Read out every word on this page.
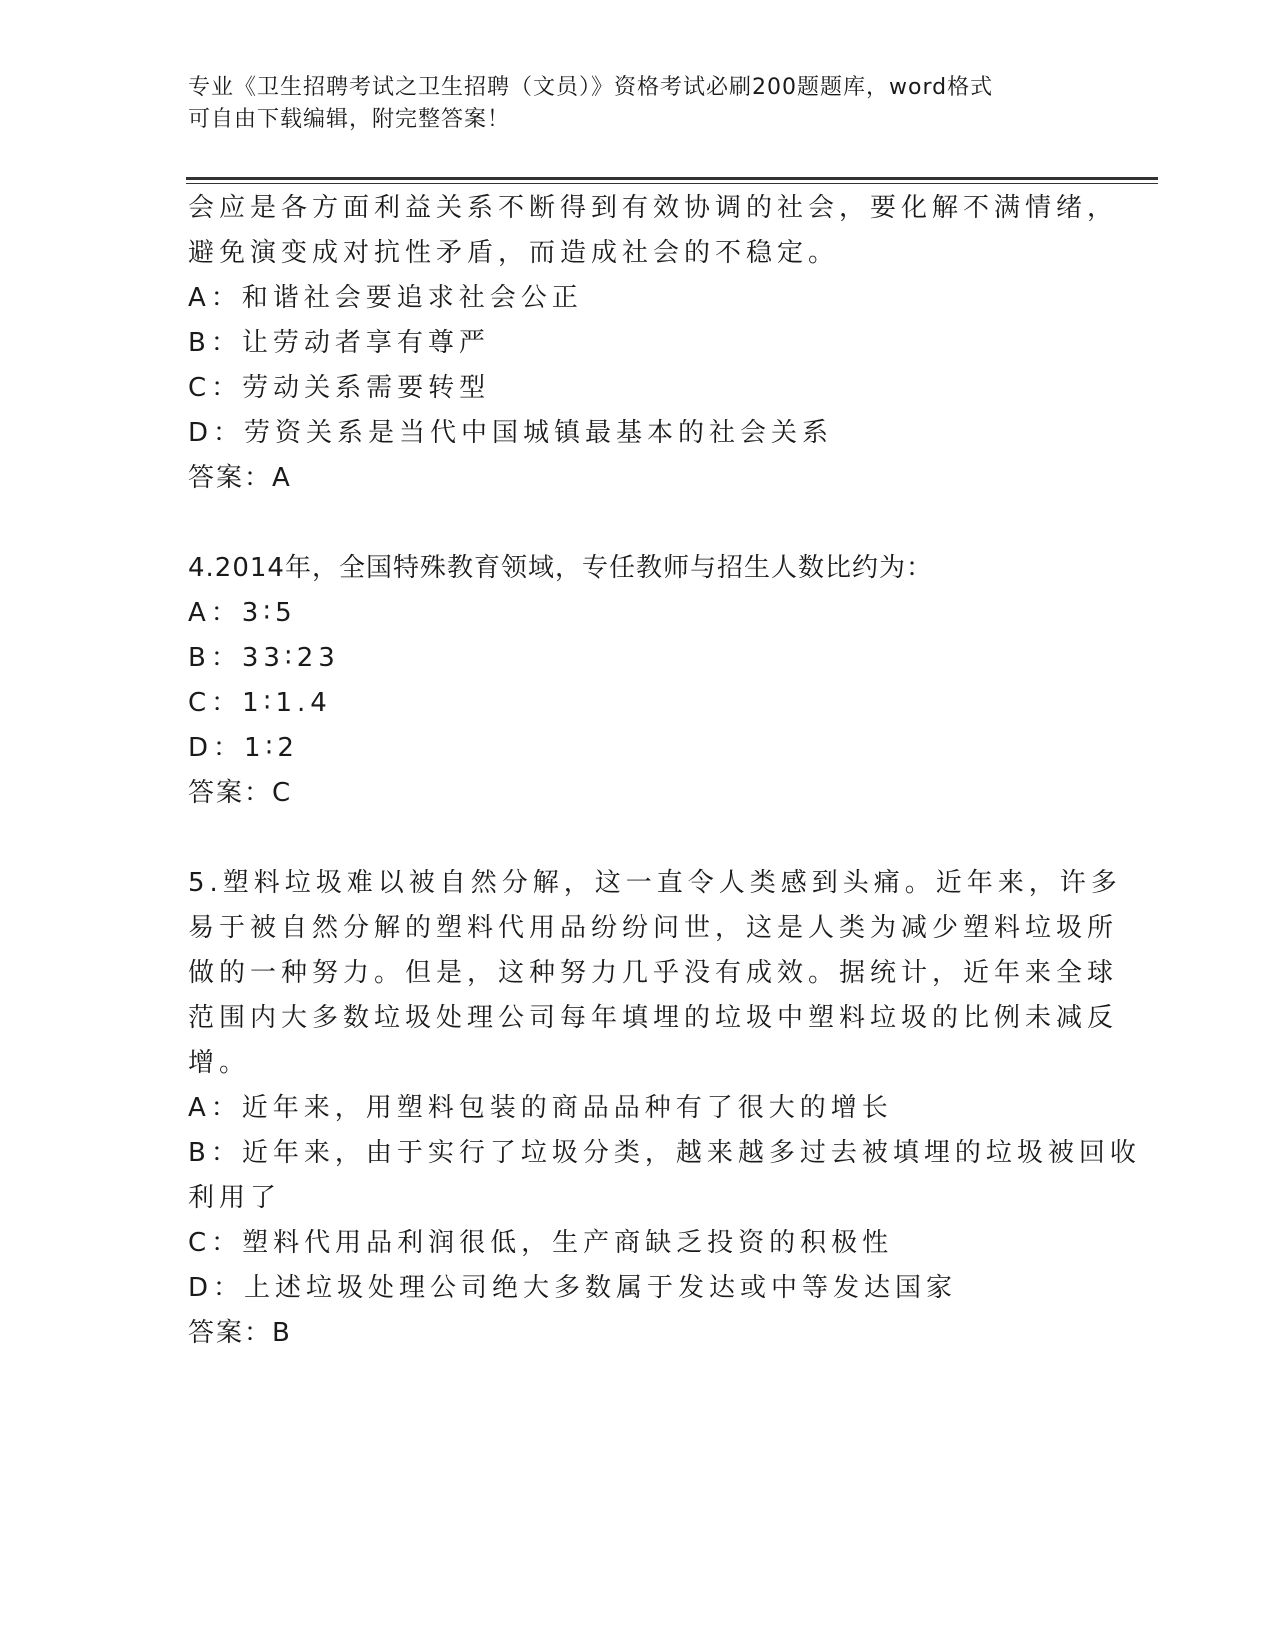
专业《卫生招聘考试之卫生招聘（文员）》资格考试必刷200题题库，word格式
可自由下载编辑，附完整答案！
会应是各方面利益关系不断得到有效协调的社会，要化解不满情绪，
避免演变成对抗性矛盾，而造成社会的不稳定。
A：和谐社会要追求社会公正
B：让劳动者享有尊严
C：劳动关系需要转型
D：劳资关系是当代中国城镇最基本的社会关系
答案：A
4.2014年，全国特殊教育领域，专任教师与招生人数比约为：
A：3∶5
B：33∶23
C：1∶1.4
D：1∶2
答案：C
5.塑料垃圾难以被自然分解，这一直令人类感到头痛。近年来，许多
易于被自然分解的塑料代用品纷纷问世，这是人类为减少塑料垃圾所
做的一种努力。但是，这种努力几乎没有成效。据统计，近年来全球
范围内大多数垃圾处理公司每年填埋的垃圾中塑料垃圾的比例未减反
增。
A：近年来，用塑料包装的商品品种有了很大的增长
B：近年来，由于实行了垃圾分类，越来越多过去被填埋的垃圾被回收
利用了
C：塑料代用品利润很低，生产商缺乏投资的积极性
D：上述垃圾处理公司绝大多数属于发达或中等发达国家
答案：B
